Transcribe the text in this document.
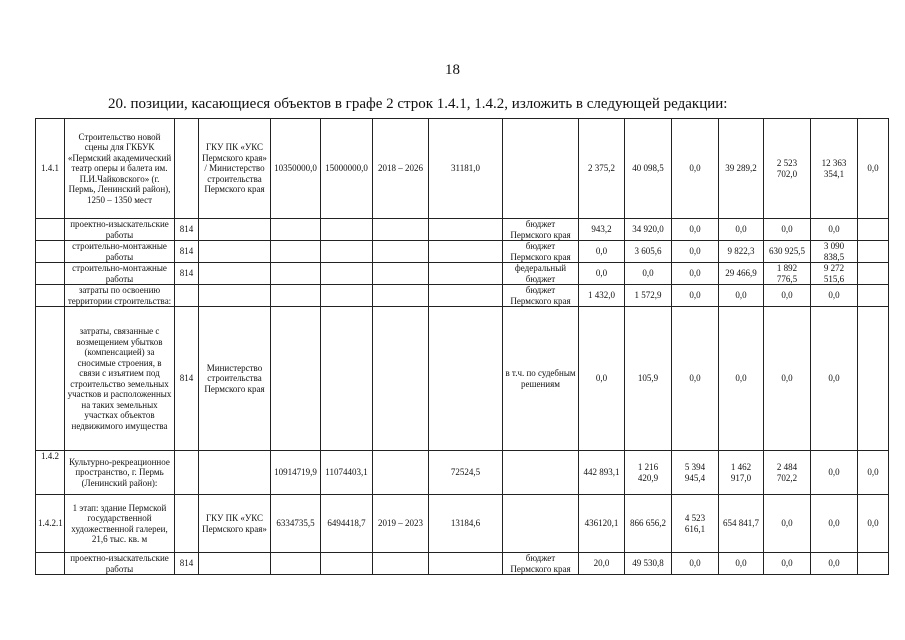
18
20. позиции, касающиеся объектов в графе 2 строк 1.4.1, 1.4.2, изложить в следующей редакции:
1.4.1	Строительство новой сцены для ГКБУК «Пермский академический театр оперы и балета им. П.И.Чайковского» (г. Пермь, Ленинский район), 1250 – 1350 мест		ГКУ ПК «УКС Пермского края» / Министерство строительства Пермского края	10350000,0	15000000,0	2018 – 2026	31181,0		2 375,2	40 098,5	0,0	39 289,2	2 523 702,0	12 363 354,1	0,0
	проектно-изыскательские работы	814						бюджет Пермского края	943,2	34 920,0	0,0	0,0	0,0	0,0	
	строительно-монтажные работы	814						бюджет Пермского края	0,0	3 605,6	0,0	9 822,3	630 925,5	3 090 838,5	
	строительно-монтажные работы	814						федеральный бюджет	0,0	0,0	0,0	29 466,9	1 892 776,5	9 272 515,6	
	затраты по освоению территории строительства:							бюджет Пермского края	1 432,0	1 572,9	0,0	0,0	0,0	0,0	
	затраты, связанные с возмещением убытков (компенсацией) за сносимые строения, в связи с изъятием под строительство земельных участков и расположенных на таких земельных участках объектов недвижимого имущества	814	Министерство строительства Пермского края					в т.ч. по судебным решениям	0,0	105,9	0,0	0,0	0,0	0,0	
1.4.2	Культурно-рекреационное пространство, г. Пермь (Ленинский район):			10914719,9	11074403,1		72524,5		442 893,1	1 216 420,9	5 394 945,4	1 462 917,0	2 484 702,2	0,0	0,0
1.4.2.1	1 этап: здание Пермской государственной художественной галереи, 21,6 тыс. кв. м		ГКУ ПК «УКС Пермского края»	6334735,5	6494418,7	2019 – 2023	13184,6		436120,1	866 656,2	4 523 616,1	654 841,7	0,0	0,0	0,0
	проектно-изыскательские работы	814						бюджет Пермского края	20,0	49 530,8	0,0	0,0	0,0	0,0	
